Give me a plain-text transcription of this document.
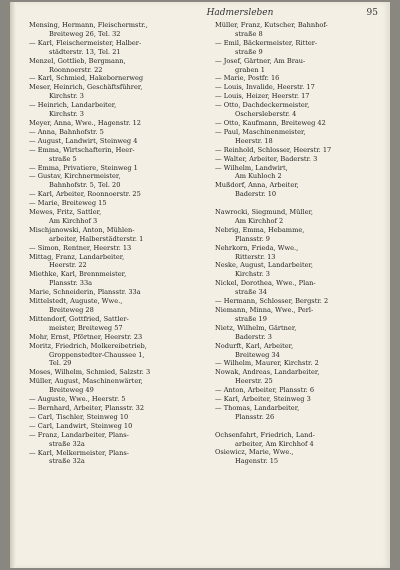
Hadmersleben	95
Mensing, Hermann, Fleischermstr.,
Breiteweg 26, Tel. 32
— Karl, Fleischermeister, Halber-
städterstr. 13, Tel. 21
Menzel, Gottlieb, Bergmann,
Roonnoerstr. 22
— Karl, Schmied, Hakebornerweg
Meser, Heinrich, Geschäftsführer,
Kirchstr. 3
— Heinrich, Landarbeiter,
Kirchstr. 3
Meyer, Anna, Wwe., Hagenstr. 12
— Anna, Bahnhofstr. 5
— August, Landwirt, Steinweg 4
— Emma, Wirtschafterin, Heer-
straße 5
— Emma, Privatiere, Steinweg 1
— Gustav, Kirchnermeister,
Bahnhofstr. 5, Tel. 20
— Karl, Arbeiter, Roonnoerstr. 25
— Marie, Breiteweg 15
Mewes, Fritz, Sattler,
Am Kirchhof 3
Mischjanowski, Anton, Mühlen-
arbeiter, Halberstädterstr. 1
— Simon, Rentner, Heerstr. 13
Mittag, Franz, Landarbeiter,
Heerstr. 22
Miethke, Karl, Brennmeister,
Plansstr. 33a
Marie, Schneiderin, Plansstr. 33a
Mittelstedt, Auguste, Wwe.,
Breiteweg 28
Mittendorf, Gottfried, Sattler-
meister, Breiteweg 57
Mohr, Ernst, Pförtner, Heerstr. 23
Moritz, Friedrich, Molkereibetrieb,
Groppenstedter-Chaussee 1,
Tel. 29
Moses, Wilhelm, Schmied, Salzstr. 3
Müller, August, Maschinenwärter,
Breiteweg 49
— Auguste, Wwe., Heerstr. 5
— Bernhard, Arbeiter, Plansstr. 32
— Carl, Tischler, Steinweg 10
— Carl, Landwirt, Steinweg 10
— Franz, Landarbeiter, Plans-
straße 32a
— Karl, Melkermeister, Plans-
straße 32a
Müller, Franz, Kutscher, Bahnhof-
straße 8
— Emil, Bäckermeister, Ritter-
straße 9
— Josef, Gärtner, Am Brau-
graben 1
— Marie, Postfr. 16
— Louis, Invalide, Heerstr. 17
— Louis, Heizer, Heerstr. 17
— Otto, Dachdeckermeister,
Oschersleberstr. 4
— Otto, Kaufmann, Breiteweg 42
— Paul, Maschinenmeister,
Heerstr. 18
— Reinhold, Schlosser, Heerstr. 17
— Walter, Arbeiter, Baderstr. 3
— Wilhelm, Landwirt,
Am Kuhloch 2
Mußdorf, Anna, Arbeiter,
Baderstr. 10
Nawrocki, Siegmund, Müller,
Am Kirchhof 2
Nebrig, Emma, Hebamme,
Plansstr. 9
Nehrkorn, Frieda, Wwe.,
Ritterstr. 13
Neske, August, Landarbeiter,
Kirchstr. 3
Nickel, Dorothea, Wwe., Plan-
straße 34
— Hermann, Schlosser, Bergstr. 2
Niemann, Minna, Wwe., Perl-
straße 19
Nietz, Wilhelm, Gärtner,
Baderstr. 3
Nodurft, Karl, Arbeiter,
Breiteweg 34
— Wilhelm, Maurer, Kirchstr. 2
Nowak, Andreas, Landarbeiter,
Heerstr. 25
— Anton, Arbeiter, Plansstr. 6
— Karl, Arbeiter, Steinweg 3
— Thomas, Landarbeiter,
Plansstr. 26
Ochsenfahrt, Friedrich, Land-
arbeiter, Am Kirchhof 4
Osiewicz, Marie, Wwe.,
Hagenstr. 15
